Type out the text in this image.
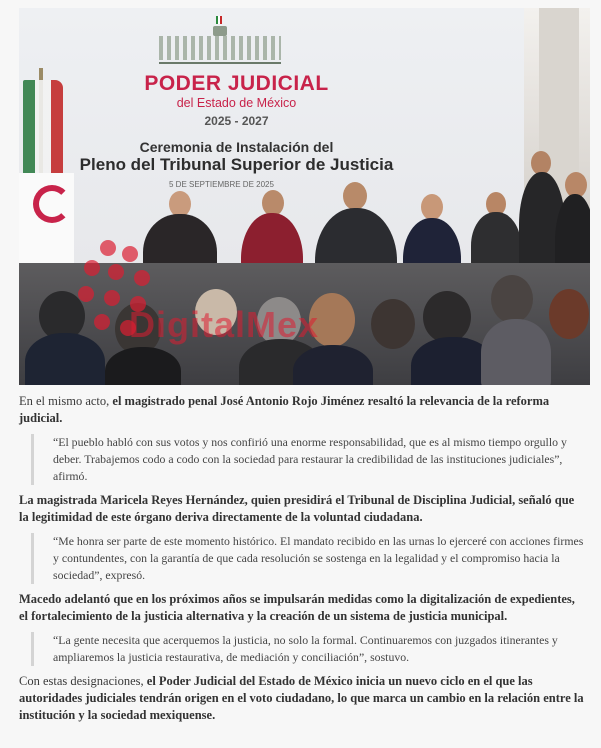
PODER JUDICIAL
del Estado de México
2025 - 2027
Ceremonia de Instalación del
Pleno del Tribunal Superior de Justicia
5 DE SEPTIEMBRE DE 2025
DigitalMex

En el mismo acto, el magistrado penal José Antonio Rojo Jiménez resaltó la relevancia de la reforma judicial.

“El pueblo habló con sus votos y nos confirió una enorme responsabilidad, que es al mismo tiempo orgullo y deber. Trabajemos codo a codo con la sociedad para restaurar la credibilidad de las instituciones judiciales”, afirmó.

La magistrada Maricela Reyes Hernández, quien presidirá el Tribunal de Disciplina Judicial, señaló que la legitimidad de este órgano deriva directamente de la voluntad ciudadana.

“Me honra ser parte de este momento histórico. El mandato recibido en las urnas lo ejerceré con acciones firmes y contundentes, con la garantía de que cada resolución se sostenga en la legalidad y el compromiso hacia la sociedad”, expresó.

Macedo adelantó que en los próximos años se impulsarán medidas como la digitalización de expedientes, el fortalecimiento de la justicia alternativa y la creación de un sistema de justicia municipal.

“La gente necesita que acerquemos la justicia, no solo la formal. Continuaremos con juzgados itinerantes y ampliaremos la justicia restaurativa, de mediación y conciliación”, sostuvo.

Con estas designaciones, el Poder Judicial del Estado de México inicia un nuevo ciclo en el que las autoridades judiciales tendrán origen en el voto ciudadano, lo que marca un cambio en la relación entre la institución y la sociedad mexiquense.
